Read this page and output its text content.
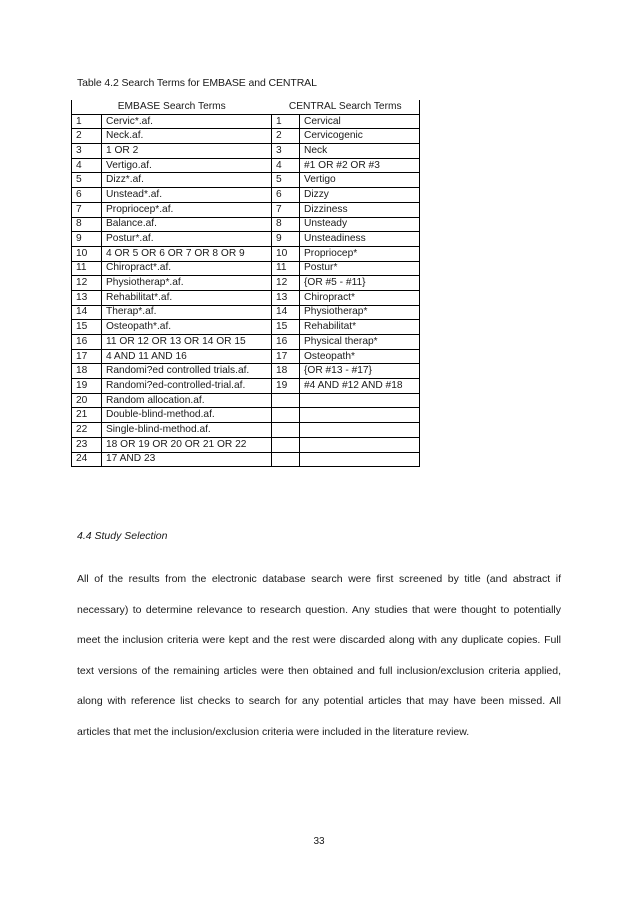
Table 4.2 Search Terms for EMBASE and CENTRAL
EMBASE Search Terms		CENTRAL Search Terms	
1	Cervic*.af.	1	Cervical
2	Neck.af.	2	Cervicogenic
3	1 OR 2	3	Neck
4	Vertigo.af.	4	#1 OR #2 OR #3
5	Dizz*.af.	5	Vertigo
6	Unstead*.af.	6	Dizzy
7	Propriocep*.af.	7	Dizziness
8	Balance.af.	8	Unsteady
9	Postur*.af.	9	Unsteadiness
10	4 OR 5 OR 6 OR 7 OR 8 OR 9	10	Propriocep*
11	Chiropract*.af.	11	Postur*
12	Physiotherap*.af.	12	{OR #5 - #11}
13	Rehabilitat*.af.	13	Chiropract*
14	Therap*.af.	14	Physiotherap*
15	Osteopath*.af.	15	Rehabilitat*
16	11 OR 12 OR 13 OR 14 OR 15	16	Physical therap*
17	4 AND 11 AND 16	17	Osteopath*
18	Randomi?ed controlled trials.af.	18	{OR #13 - #17}
19	Randomi?ed-controlled-trial.af.	19	#4 AND #12 AND #18
20	Random allocation.af.		
21	Double-blind-method.af.		
22	Single-blind-method.af.		
23	18 OR 19 OR 20 OR 21 OR 22		
24	17 AND 23		
4.4 Study Selection
All of the results from the electronic database search were first screened by title (and abstract if necessary) to determine relevance to research question. Any studies that were thought to potentially meet the inclusion criteria were kept and the rest were discarded along with any duplicate copies. Full text versions of the remaining articles were then obtained and full inclusion/exclusion criteria applied, along with reference list checks to search for any potential articles that may have been missed. All articles that met the inclusion/exclusion criteria were included in the literature review.
33
